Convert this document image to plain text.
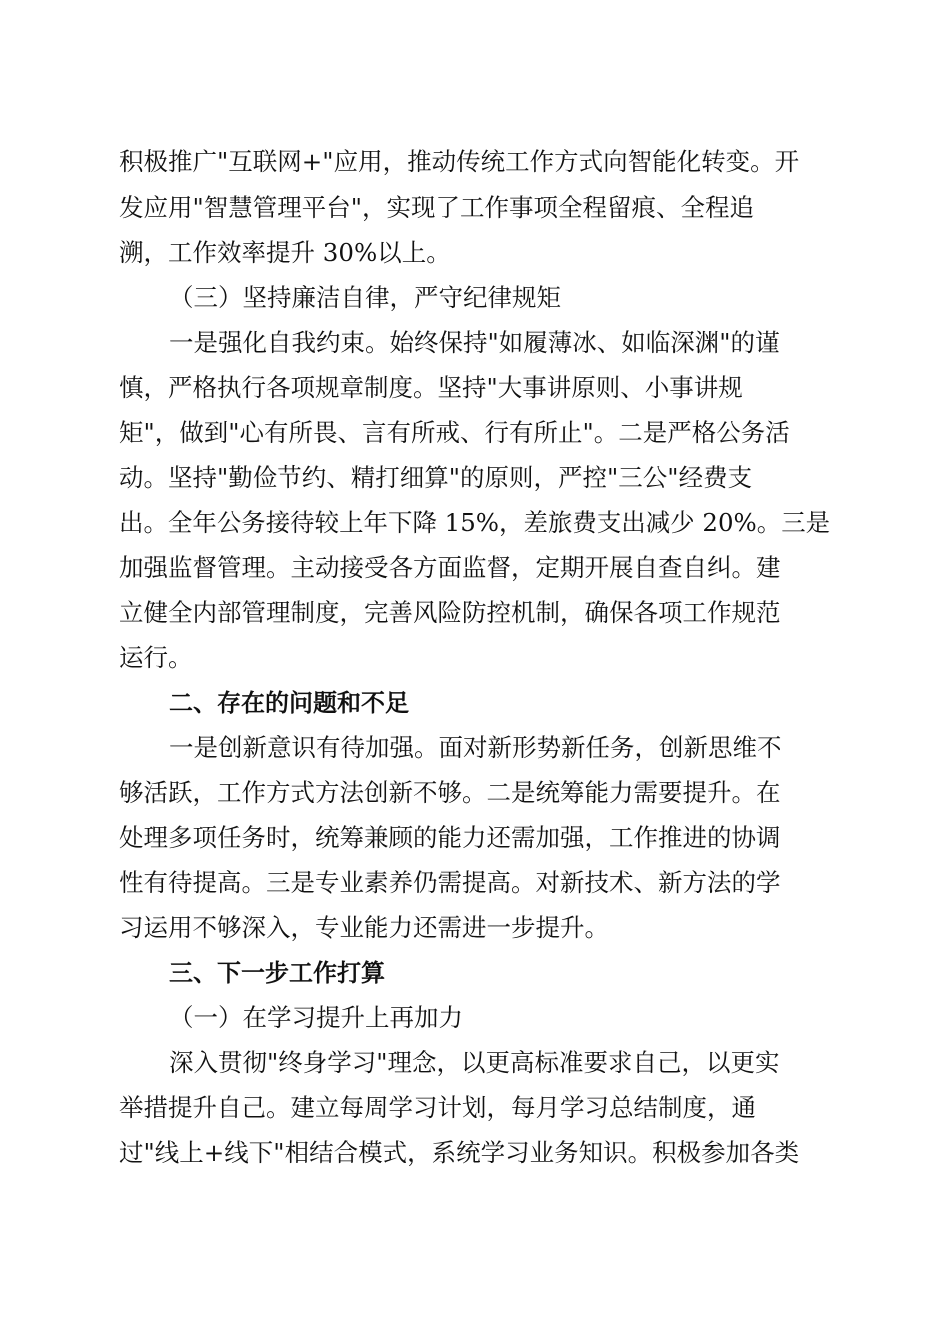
积极推广"互联网+"应用，推动传统工作方式向智能化转变。开
发应用"智慧管理平台"，实现了工作事项全程留痕、全程追
溯，工作效率提升 30%以上。
（三）坚持廉洁自律，严守纪律规矩
一是强化自我约束。始终保持"如履薄冰、如临深渊"的谨
慎，严格执行各项规章制度。坚持"大事讲原则、小事讲规
矩"，做到"心有所畏、言有所戒、行有所止"。二是严格公务活
动。坚持"勤俭节约、精打细算"的原则，严控"三公"经费支
出。全年公务接待较上年下降 15%，差旅费支出减少 20%。三是
加强监督管理。主动接受各方面监督，定期开展自查自纠。建
立健全内部管理制度，完善风险防控机制，确保各项工作规范
运行。
二、存在的问题和不足
一是创新意识有待加强。面对新形势新任务，创新思维不
够活跃，工作方式方法创新不够。二是统筹能力需要提升。在
处理多项任务时，统筹兼顾的能力还需加强，工作推进的协调
性有待提高。三是专业素养仍需提高。对新技术、新方法的学
习运用不够深入，专业能力还需进一步提升。
三、下一步工作打算
（一）在学习提升上再加力
深入贯彻"终身学习"理念，以更高标准要求自己，以更实
举措提升自己。建立每周学习计划，每月学习总结制度，通
过"线上+线下"相结合模式，系统学习业务知识。积极参加各类
